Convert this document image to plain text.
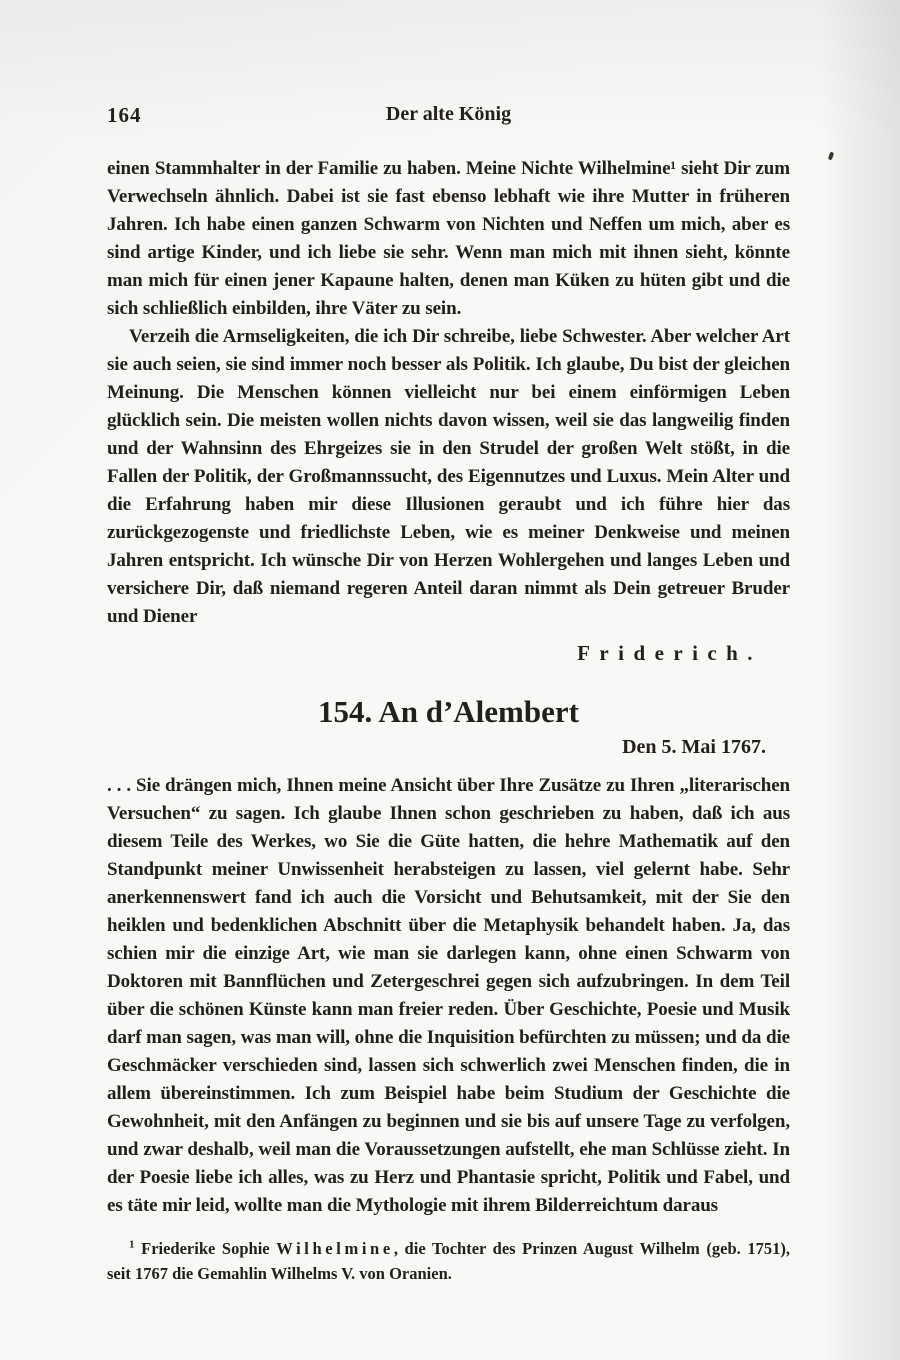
164	Der alte König

einen Stammhalter in der Familie zu haben. Meine Nichte Wilhelmine¹ sieht Dir zum Verwechseln ähnlich. Dabei ist sie fast ebenso lebhaft wie ihre Mutter in früheren Jahren. Ich habe einen ganzen Schwarm von Nichten und Neffen um mich, aber es sind artige Kinder, und ich liebe sie sehr. Wenn man mich mit ihnen sieht, könnte man mich für einen jener Kapaune halten, denen man Küken zu hüten gibt und die sich schließlich einbilden, ihre Väter zu sein.

Verzeih die Armseligkeiten, die ich Dir schreibe, liebe Schwester. Aber welcher Art sie auch seien, sie sind immer noch besser als Politik. Ich glaube, Du bist der gleichen Meinung. Die Menschen können vielleicht nur bei einem einförmigen Leben glücklich sein. Die meisten wollen nichts davon wissen, weil sie das langweilig finden und der Wahnsinn des Ehrgeizes sie in den Strudel der großen Welt stößt, in die Fallen der Politik, der Großmannssucht, des Eigennutzes und Luxus. Mein Alter und die Erfahrung haben mir diese Illusionen geraubt und ich führe hier das zurückgezogenste und friedlichste Leben, wie es meiner Denkweise und meinen Jahren entspricht. Ich wünsche Dir von Herzen Wohlergehen und langes Leben und versichere Dir, daß niemand regeren Anteil daran nimmt als Dein getreuer Bruder und Diener

Friderich.
154. An d’Alembert
Den 5. Mai 1767.

. . . Sie drängen mich, Ihnen meine Ansicht über Ihre Zusätze zu Ihren „literarischen Versuchen“ zu sagen. Ich glaube Ihnen schon geschrieben zu haben, daß ich aus diesem Teile des Werkes, wo Sie die Güte hatten, die hehre Mathematik auf den Standpunkt meiner Unwissenheit herabsteigen zu lassen, viel gelernt habe. Sehr anerkennenswert fand ich auch die Vorsicht und Behutsamkeit, mit der Sie den heiklen und bedenklichen Abschnitt über die Metaphysik behandelt haben. Ja, das schien mir die einzige Art, wie man sie darlegen kann, ohne einen Schwarm von Doktoren mit Bannflüchen und Zetergeschrei gegen sich aufzubringen. In dem Teil über die schönen Künste kann man freier reden. Über Geschichte, Poesie und Musik darf man sagen, was man will, ohne die Inquisition befürchten zu müssen; und da die Geschmäcker verschieden sind, lassen sich schwerlich zwei Menschen finden, die in allem übereinstimmen. Ich zum Beispiel habe beim Studium der Geschichte die Gewohnheit, mit den Anfängen zu beginnen und sie bis auf unsere Tage zu verfolgen, und zwar deshalb, weil man die Voraussetzungen aufstellt, ehe man Schlüsse zieht. In der Poesie liebe ich alles, was zu Herz und Phantasie spricht, Politik und Fabel, und es täte mir leid, wollte man die Mythologie mit ihrem Bilderreichtum daraus

$^1$ Friederike Sophie Wilhelmine, die Tochter des Prinzen August Wilhelm (geb. 1751), seit 1767 die Gemahlin Wilhelms V. von Oranien.
